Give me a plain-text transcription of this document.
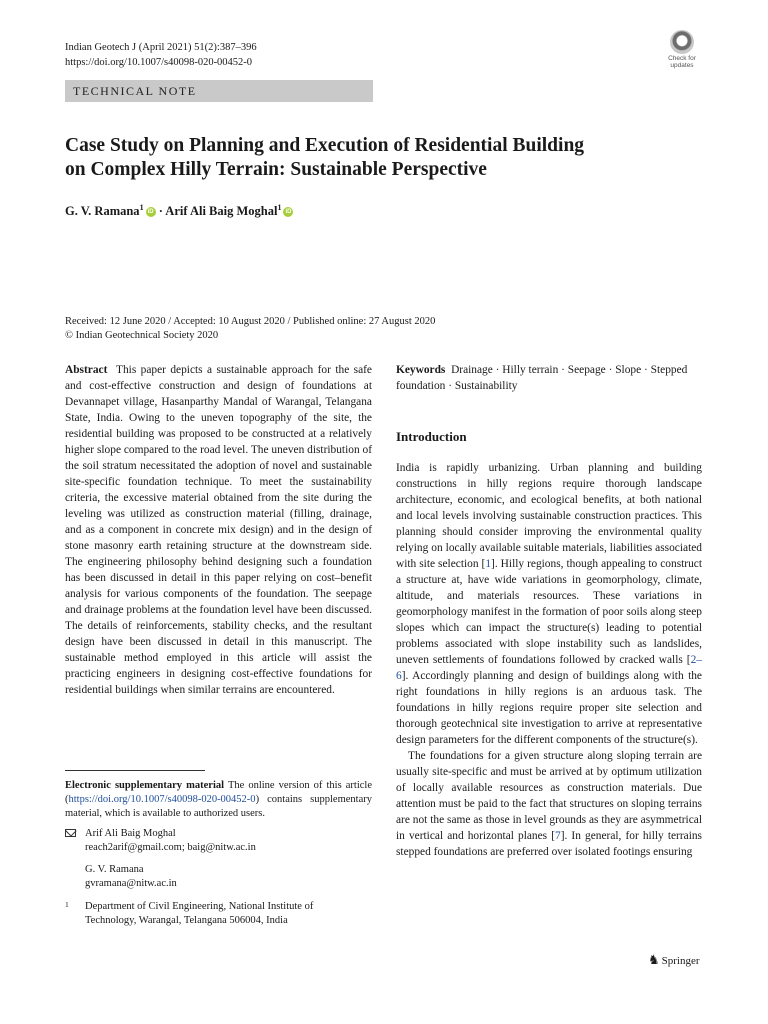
Indian Geotech J (April 2021) 51(2):387–396
https://doi.org/10.1007/s40098-020-00452-0	Check for
updates
TECHNICAL NOTE
Case Study on Planning and Execution of Residential Building
on Complex Hilly Terrain: Sustainable Perspective
G. V. Ramana$^1$iD · Arif Ali Baig Moghal$^1$iD
Received: 12 June 2020 / Accepted: 10 August 2020 / Published online: 27 August 2020
© Indian Geotechnical Society 2020
Abstract This paper depicts a sustainable approach for the safe and cost-effective construction and design of foundations at Devannapet village, Hasanparthy Mandal of Warangal, Telangana State, India. Owing to the uneven topography of the site, the residential building was proposed to be constructed at a relatively higher slope compared to the road level. The uneven distribution of the soil stratum necessitated the adoption of novel and sustainable site-specific foundation technique. To meet the sustainability criteria, the excessive material obtained from the site during the leveling was utilized as construction material (filling, drainage, and as a component in concrete mix design) and in the design of stone masonry earth retaining structure at the downstream side. The engineering philosophy behind designing such a foundation has been discussed in detail in this paper relying on cost–benefit analysis for various components of the foundation. The seepage and drainage problems at the foundation level have been discussed. The details of reinforcements, stability checks, and the resultant design have been discussed in detail in this manuscript. The sustainable method employed in this article will assist the practicing engineers in designing cost-effective foundations for residential buildings when similar terrains are encountered.
Keywords Drainage · Hilly terrain · Seepage · Slope · Stepped foundation · Sustainability
Introduction

India is rapidly urbanizing. Urban planning and building constructions in hilly regions require thorough landscape architecture, economic, and ecological benefits, at both national and local levels involving sustainable construction practices. This planning should consider improving the environmental quality relying on locally available suitable materials, liabilities associated with site selection [1]. Hilly regions, though appealing to construct a structure at, have wide variations in geomorphology, climate, altitude, and materials resources. These variations in geomorphology manifest in the formation of poor soils along steep slopes which can impact the structure(s) leading to potential problems associated with slope instability such as landslides, uneven settlements of foundations followed by cracked walls [2–6]. Accordingly planning and design of buildings along with the right foundations in hilly regions is an arduous task. The foundations in hilly regions require proper site selection and thorough geotechnical site investigation to arrive at representative design parameters for the different components of the structure(s).

The foundations for a given structure along sloping terrain are usually site-specific and must be arrived at by optimum utilization of locally available resources as construction materials. Due attention must be paid to the fact that structures on sloping terrains are not the same as those in level grounds as they are asymmetrical in vertical and horizontal planes [7]. In general, for hilly terrains stepped foundations are preferred over isolated footings ensuring

Electronic supplementary material The online version of this article (https://doi.org/10.1007/s40098-020-00452-0) contains supplementary material, which is available to authorized users.
Arif Ali Baig Moghal
reach2arif@gmail.com; baig@nitw.ac.in
G. V. Ramana
gvramana@nitw.ac.in
1 Department of Civil Engineering, National Institute of
Technology, Warangal, Telangana 506004, India
♞ Springer
